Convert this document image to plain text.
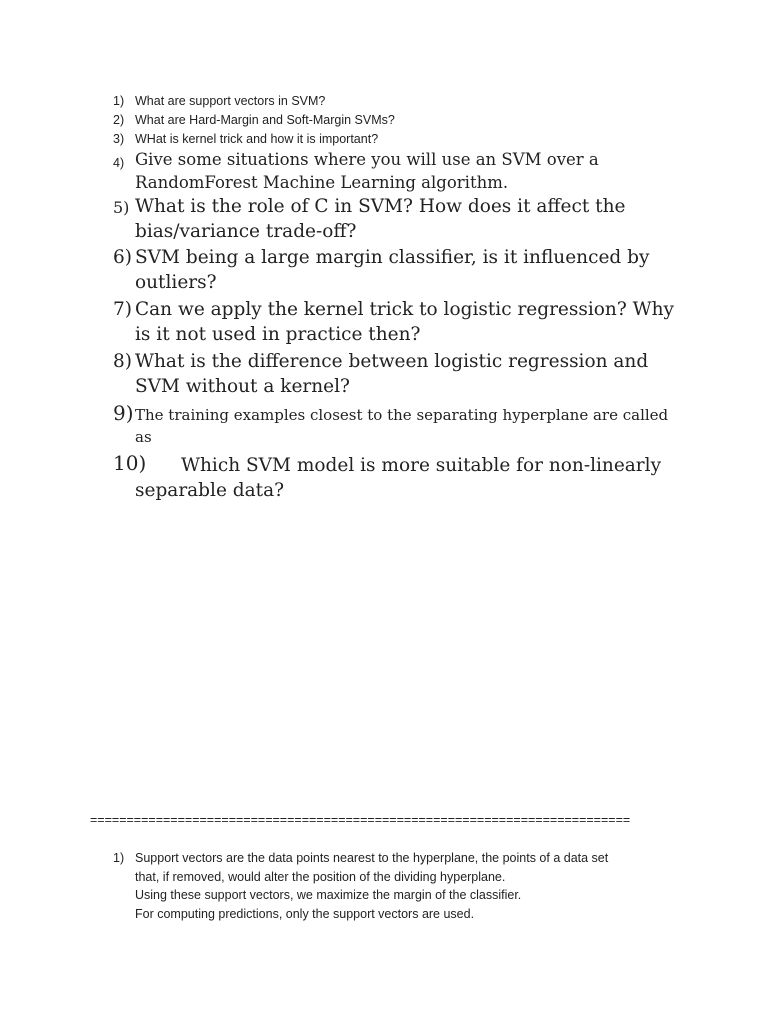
1) What are support vectors in SVM?
2) What are Hard-Margin and Soft-Margin SVMs?
3) WHat is kernel trick and how it is important?
4) Give some situations where you will use an SVM over a RandomForest Machine Learning algorithm.
5) What is the role of C in SVM? How does it affect the bias/variance trade-off?
6) SVM being a large margin classifier, is it influenced by outliers?
7) Can we apply the kernel trick to logistic regression? Why is it not used in practice then?
8) What is the difference between logistic regression and SVM without a kernel?
9) The training examples closest to the separating hyperplane are called as
10)	Which SVM model is more suitable for non-linearly separable data?
==========================================================================
1) Support vectors are the data points nearest to the hyperplane, the points of a data set
that, if removed, would alter the position of the dividing hyperplane.
Using these support vectors, we maximize the margin of the classifier.
For computing predictions, only the support vectors are used.
